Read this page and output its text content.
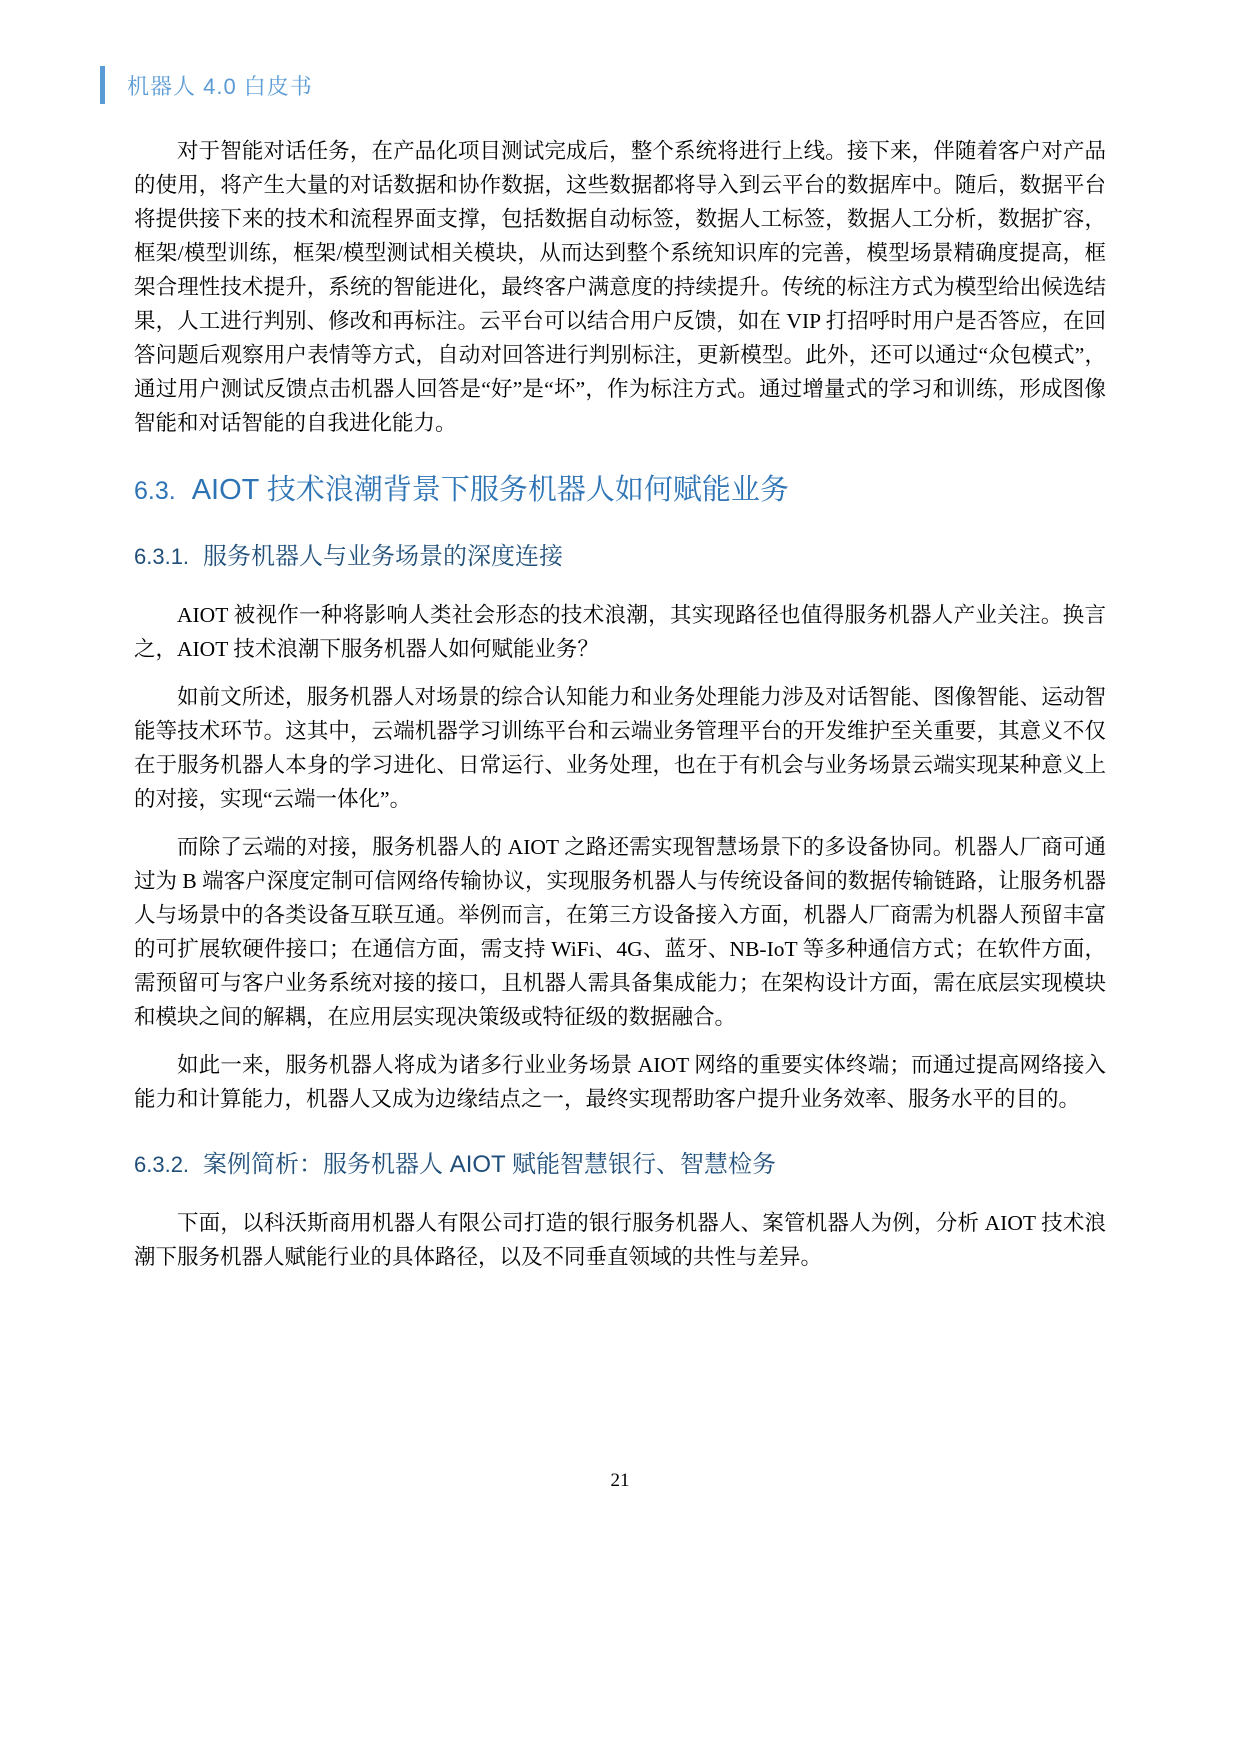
机器人 4.0 白皮书

对于智能对话任务，在产品化项目测试完成后，整个系统将进行上线。接下来，伴随着客户对产品的使用，将产生大量的对话数据和协作数据，这些数据都将导入到云平台的数据库中。随后，数据平台将提供接下来的技术和流程界面支撑，包括数据自动标签，数据人工标签，数据人工分析，数据扩容，框架/模型训练，框架/模型测试相关模块，从而达到整个系统知识库的完善，模型场景精确度提高，框架合理性技术提升，系统的智能进化，最终客户满意度的持续提升。传统的标注方式为模型给出候选结果，人工进行判别、修改和再标注。云平台可以结合用户反馈，如在 VIP 打招呼时用户是否答应，在回答问题后观察用户表情等方式，自动对回答进行判别标注，更新模型。此外，还可以通过“众包模式”，通过用户测试反馈点击机器人回答是“好”是“坏”，作为标注方式。通过增量式的学习和训练，形成图像智能和对话智能的自我进化能力。

6.3. AIOT 技术浪潮背景下服务机器人如何赋能业务
6.3.1. 服务机器人与业务场景的深度连接

AIOT 被视作一种将影响人类社会形态的技术浪潮，其实现路径也值得服务机器人产业关注。换言之，AIOT 技术浪潮下服务机器人如何赋能业务？

如前文所述，服务机器人对场景的综合认知能力和业务处理能力涉及对话智能、图像智能、运动智能等技术环节。这其中，云端机器学习训练平台和云端业务管理平台的开发维护至关重要，其意义不仅在于服务机器人本身的学习进化、日常运行、业务处理，也在于有机会与业务场景云端实现某种意义上的对接，实现“云端一体化”。

而除了云端的对接，服务机器人的 AIOT 之路还需实现智慧场景下的多设备协同。机器人厂商可通过为 B 端客户深度定制可信网络传输协议，实现服务机器人与传统设备间的数据传输链路，让服务机器人与场景中的各类设备互联互通。举例而言，在第三方设备接入方面，机器人厂商需为机器人预留丰富的可扩展软硬件接口；在通信方面，需支持 WiFi、4G、蓝牙、NB-IoT 等多种通信方式；在软件方面，需预留可与客户业务系统对接的接口，且机器人需具备集成能力；在架构设计方面，需在底层实现模块和模块之间的解耦，在应用层实现决策级或特征级的数据融合。

如此一来，服务机器人将成为诸多行业业务场景 AIOT 网络的重要实体终端；而通过提高网络接入能力和计算能力，机器人又成为边缘结点之一，最终实现帮助客户提升业务效率、服务水平的目的。

6.3.2. 案例简析：服务机器人 AIOT 赋能智慧银行、智慧检务

下面，以科沃斯商用机器人有限公司打造的银行服务机器人、案管机器人为例，分析 AIOT 技术浪潮下服务机器人赋能行业的具体路径，以及不同垂直领域的共性与差异。

21
